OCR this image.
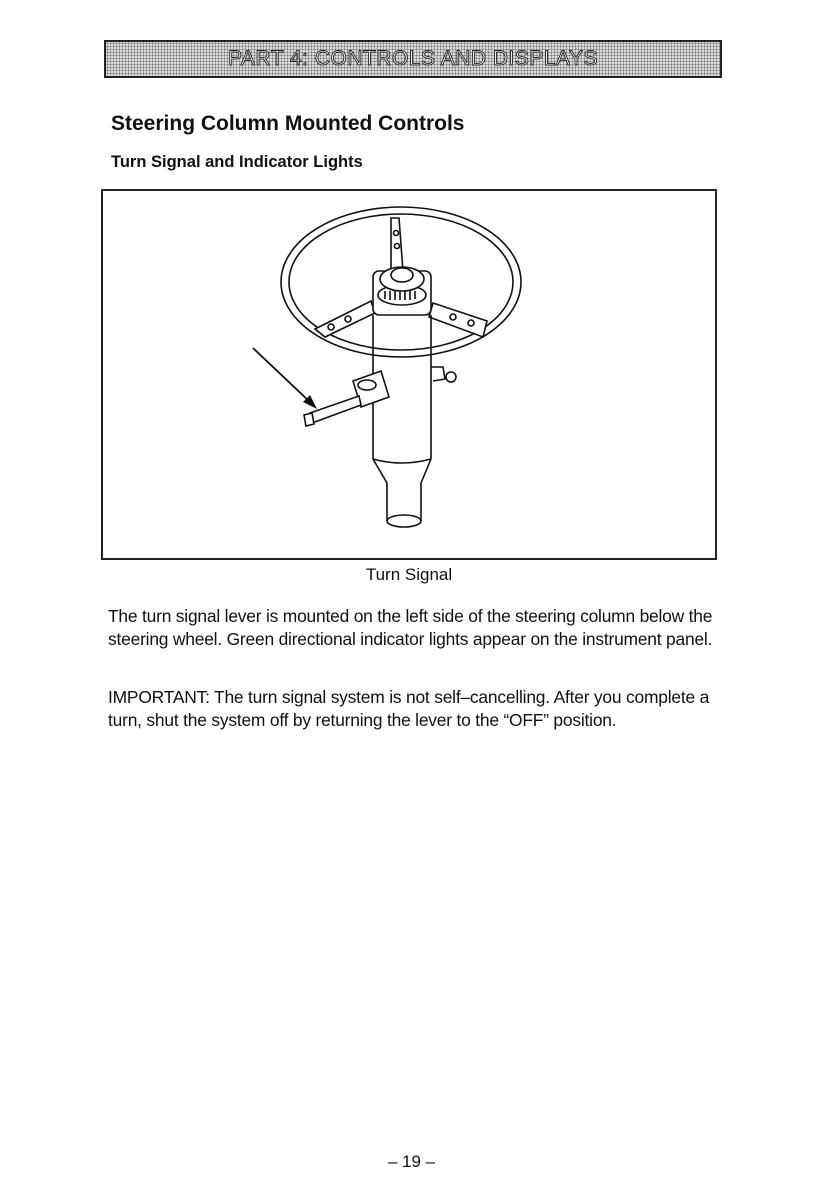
PART 4: CONTROLS AND DISPLAYS
Steering Column Mounted Controls
Turn Signal and Indicator Lights

Turn Signal

The turn signal lever is mounted on the left side of the steering column below the steering wheel. Green directional indicator lights appear on the instrument panel.

IMPORTANT: The turn signal system is not self–cancelling. After you complete a turn, shut the system off by returning the lever to the “OFF” position.

– 19 –
